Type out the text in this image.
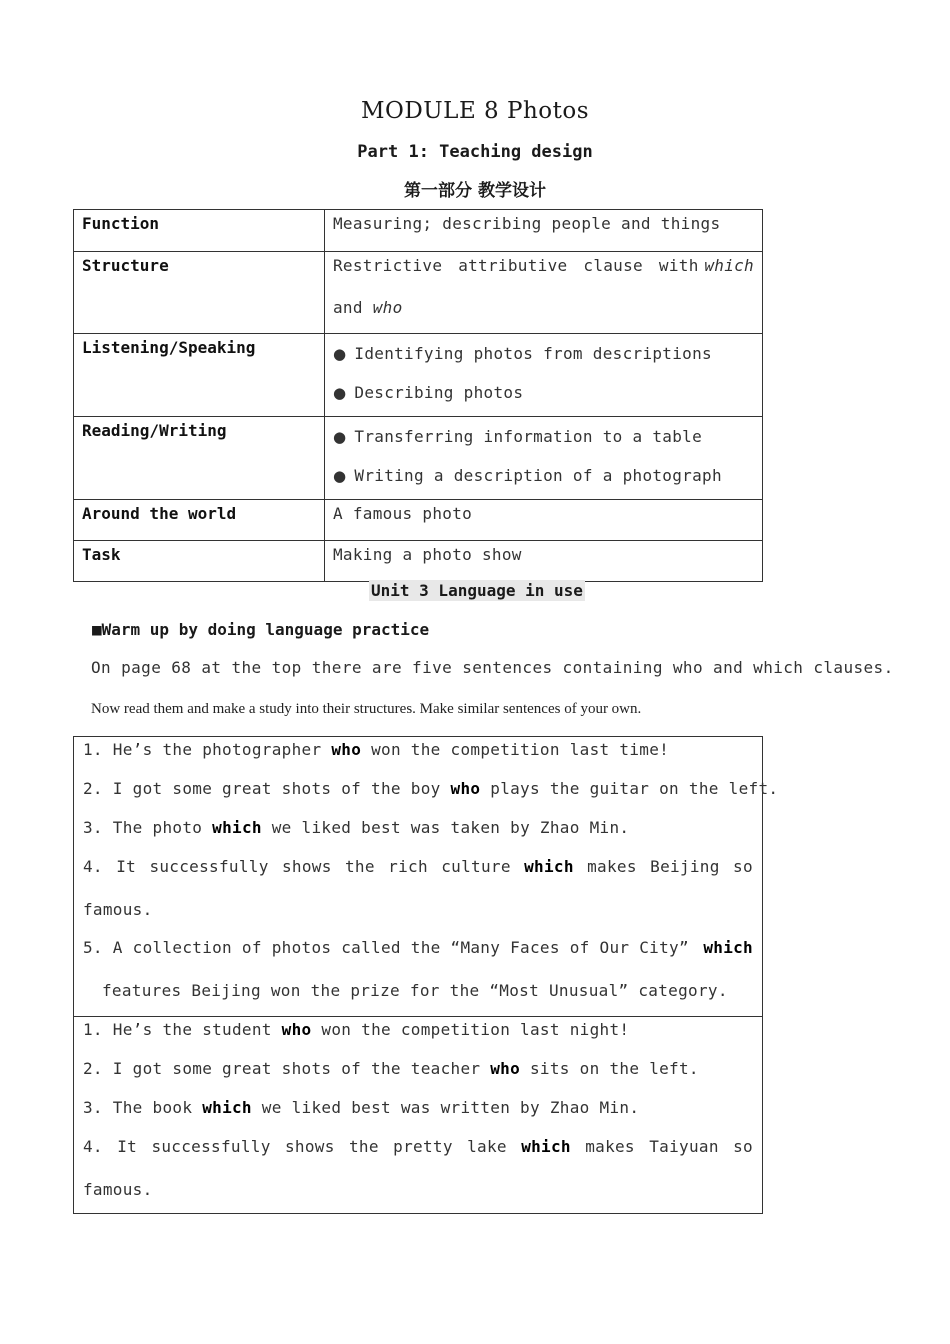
MODULE 8 Photos
Part 1: Teaching design
第一部分 教学设计
Function	Measuring; describing people and things
Structure	Restrictive attributive clause with which
and who

Listening/Speaking	● Identifying photos from descriptions
● Describing photos

Reading/Writing	● Transferring information to a table
● Writing a description of a photograph

Around the world	A famous photo
Task	Making a photo show
Unit 3 Language in use
■Warm up by doing language practice
On page 68 at the top there are five sentences containing who and which clauses.
Now read them and make a study into their structures. Make similar sentences of your own.
1. He’s the photographer who won the competition last time!
2. I got some great shots of the boy who plays the guitar on the left.
3. The photo which we liked best was taken by Zhao Min.
4. It successfully shows the rich culture which makes Beijing so
famous.
5. A collection of photos called the “Many Faces of Our City” which
features Beijing won the prize for the “Most Unusual” category.
1. He’s the student who won the competition last night!
2. I got some great shots of the teacher who sits on the left.
3. The book which we liked best was written by Zhao Min.
4. It successfully shows the pretty lake which makes Taiyuan so
famous.
